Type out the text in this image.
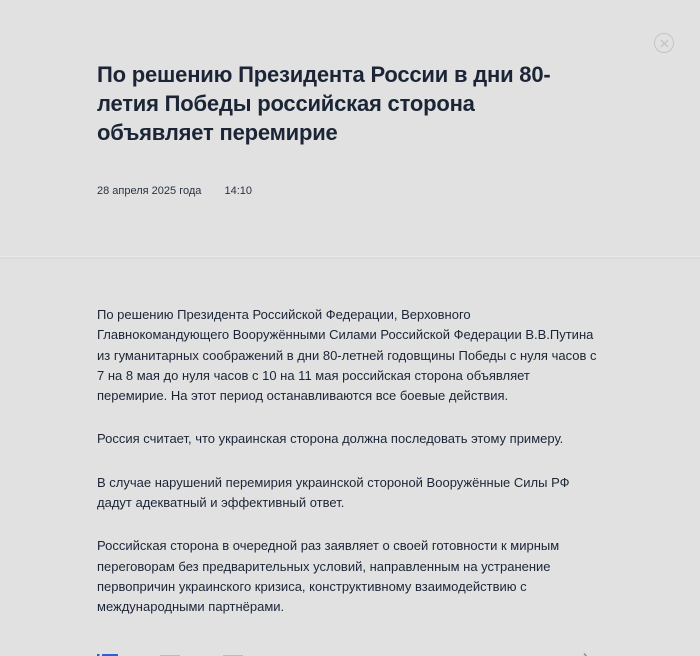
По решению Президента России в дни 80-летия Победы российская сторона объявляет перемирие
28 апреля 2025 года 14:10

По решению Президента Российской Федерации, Верховного Главнокомандующего Вооружёнными Силами Российской Федерации В.В.Путина из гуманитарных соображений в дни 80-летней годовщины Победы с нуля часов с 7 на 8 мая до нуля часов с 10 на 11 мая российская сторона объявляет перемирие. На этот период останавливаются все боевые действия.

Россия считает, что украинская сторона должна последовать этому примеру.

В случае нарушений перемирия украинской стороной Вооружённые Силы РФ дадут адекватный и эффективный ответ.

Российская сторона в очередной раз заявляет о своей готовности к мирным переговорам без предварительных условий, направленным на устранение первопричин украинского кризиса, конструктивному взаимодействию с международными партнёрами.
